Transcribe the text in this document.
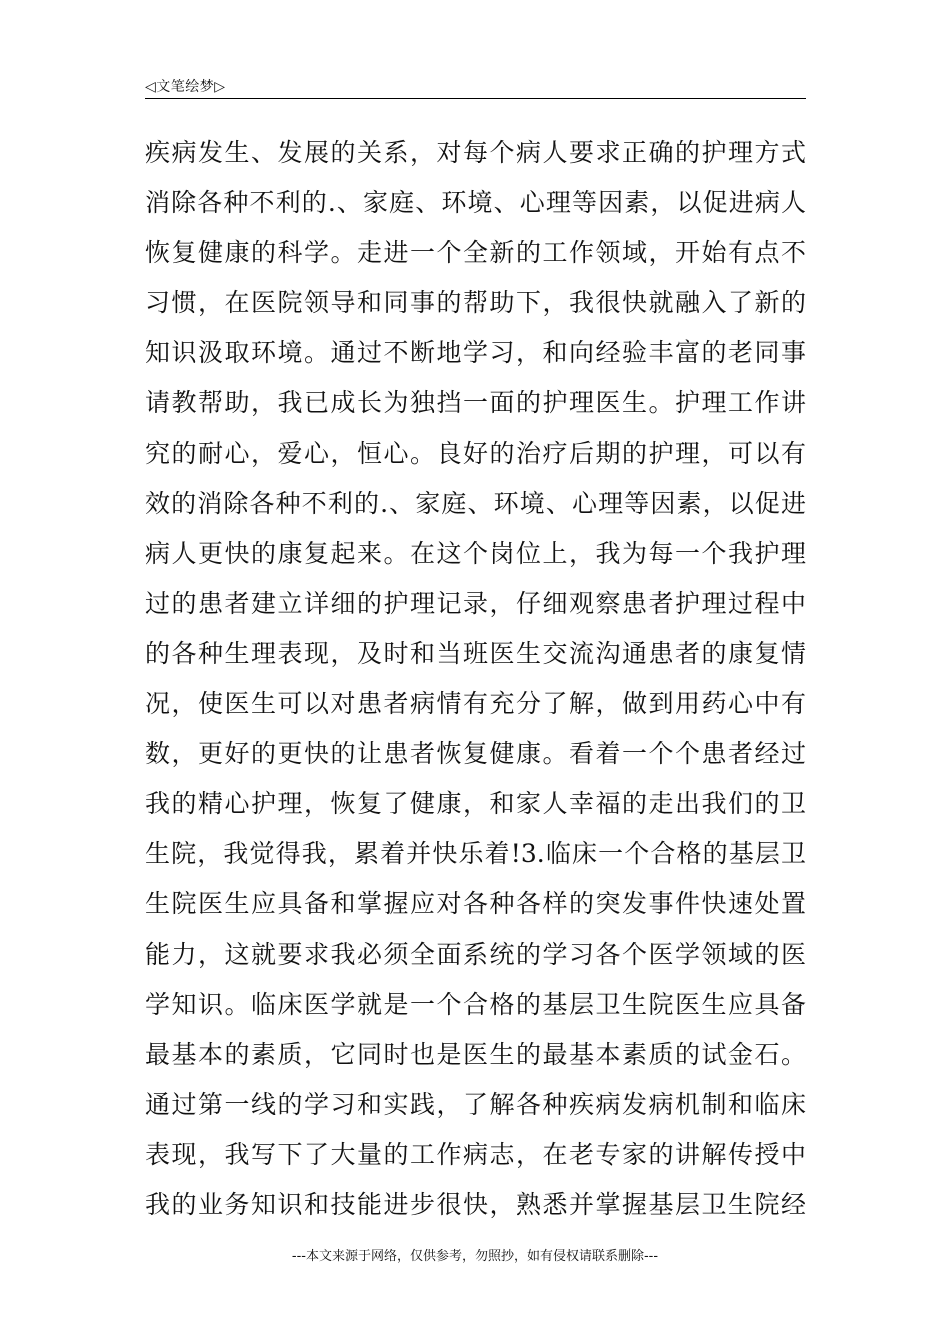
◁文笔绘梦▷
疾病发生、发展的关系，对每个病人要求正确的护理方式
消除各种不利的.、家庭、环境、心理等因素，以促进病人
恢复健康的科学。走进一个全新的工作领域，开始有点不
习惯，在医院领导和同事的帮助下，我很快就融入了新的
知识汲取环境。通过不断地学习，和向经验丰富的老同事
请教帮助，我已成长为独挡一面的护理医生。护理工作讲
究的耐心，爱心，恒心。良好的治疗后期的护理，可以有
效的消除各种不利的.、家庭、环境、心理等因素，以促进
病人更快的康复起来。在这个岗位上，我为每一个我护理
过的患者建立详细的护理记录，仔细观察患者护理过程中
的各种生理表现，及时和当班医生交流沟通患者的康复情
况，使医生可以对患者病情有充分了解，做到用药心中有
数，更好的更快的让患者恢复健康。看着一个个患者经过
我的精心护理，恢复了健康，和家人幸福的走出我们的卫
生院，我觉得我，累着并快乐着!3.临床一个合格的基层卫
生院医生应具备和掌握应对各种各样的突发事件快速处置
能力，这就要求我必须全面系统的学习各个医学领域的医
学知识。临床医学就是一个合格的基层卫生院医生应具备
最基本的素质，它同时也是医生的最基本素质的试金石。
通过第一线的学习和实践，了解各种疾病发病机制和临床
表现，我写下了大量的工作病志，在老专家的讲解传授中
我的业务知识和技能进步很快，熟悉并掌握基层卫生院经
---本文来源于网络，仅供参考，勿照抄，如有侵权请联系删除---
